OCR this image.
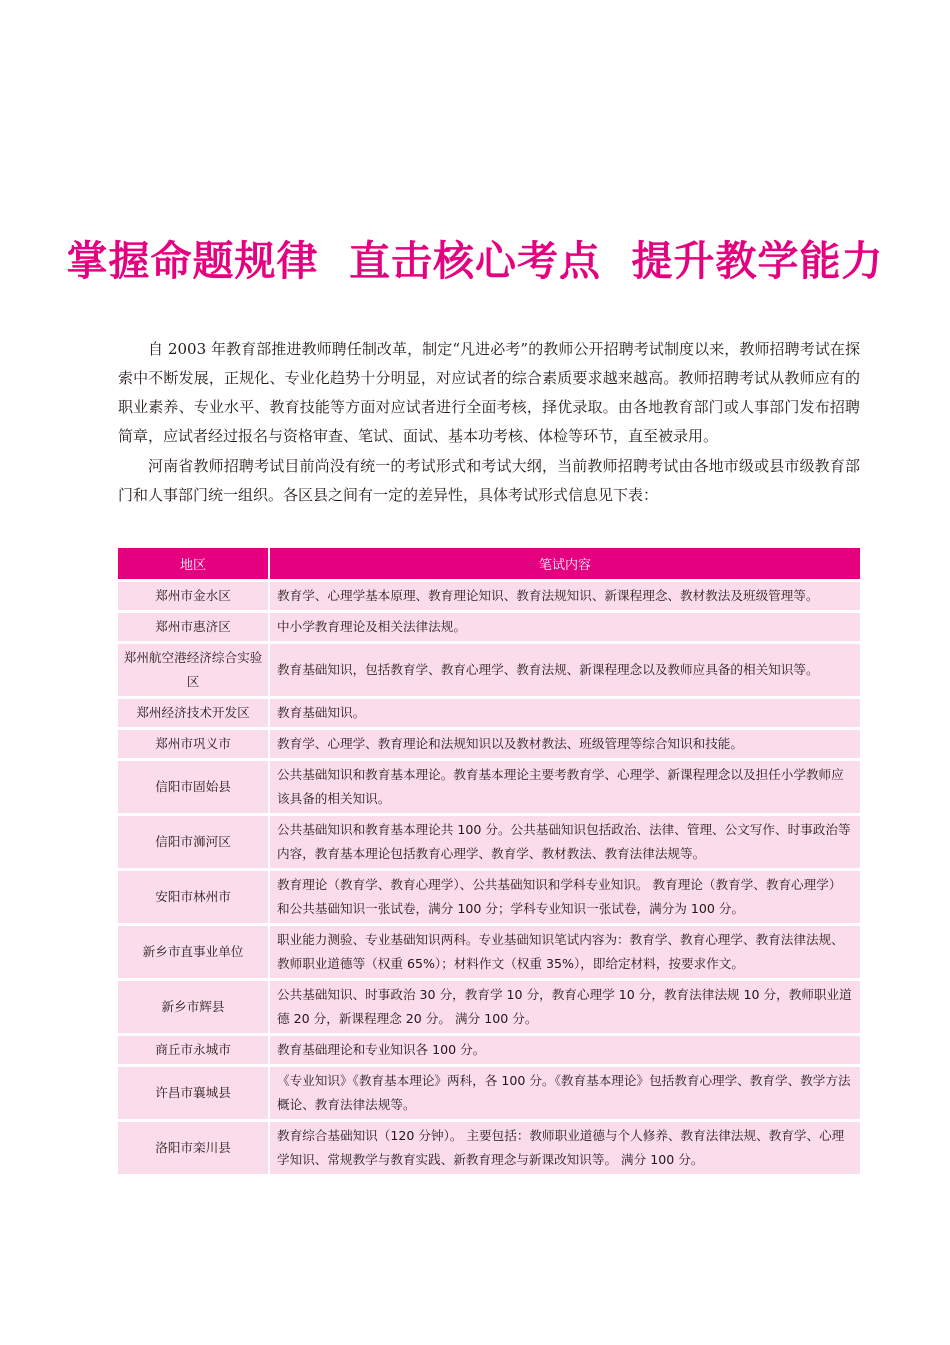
掌握命题规律  直击核心考点  提升教学能力

自 2003 年教育部推进教师聘任制改革，制定“凡进必考”的教师公开招聘考试制度以来，教师招聘考试在探索中不断发展，正规化、专业化趋势十分明显，对应试者的综合素质要求越来越高。教师招聘考试从教师应有的职业素养、专业水平、教育技能等方面对应试者进行全面考核，择优录取。由各地教育部门或人事部门发布招聘简章，应试者经过报名与资格审查、笔试、面试、基本功考核、体检等环节，直至被录用。

河南省教师招聘考试目前尚没有统一的考试形式和考试大纲，当前教师招聘考试由各地市级或县市级教育部门和人事部门统一组织。各区县之间有一定的差异性，具体考试形式信息见下表：

地区	笔试内容
郑州市金水区	教育学、心理学基本原理、教育理论知识、教育法规知识、新课程理念、教材教法及班级管理等。
郑州市惠济区	中小学教育理论及相关法律法规。
郑州航空港经济综合实验区	教育基础知识，包括教育学、教育心理学、教育法规、新课程理念以及教师应具备的相关知识等。
郑州经济技术开发区	教育基础知识。
郑州市巩义市	教育学、心理学、教育理论和法规知识以及教材教法、班级管理等综合知识和技能。
信阳市固始县	公共基础知识和教育基本理论。教育基本理论主要考教育学、心理学、新课程理念以及担任小学教师应该具备的相关知识。
信阳市浉河区	公共基础知识和教育基本理论共 100 分。公共基础知识包括政治、法律、管理、公文写作、时事政治等内容，教育基本理论包括教育心理学、教育学、教材教法、教育法律法规等。
安阳市林州市	教育理论（教育学、教育心理学）、公共基础知识和学科专业知识。 教育理论（教育学、教育心理学）和公共基础知识一张试卷，满分 100 分；学科专业知识一张试卷，满分为 100 分。
新乡市直事业单位	职业能力测验、专业基础知识两科。专业基础知识笔试内容为：教育学、教育心理学、教育法律法规、教师职业道德等（权重 65%）；材料作文（权重 35%），即给定材料，按要求作文。
新乡市辉县	公共基础知识、时事政治 30 分，教育学 10 分，教育心理学 10 分，教育法律法规 10 分，教师职业道德 20 分，新课程理念 20 分。 满分 100 分。
商丘市永城市	教育基础理论和专业知识各 100 分。
许昌市襄城县	《专业知识》《教育基本理论》两科，各 100 分。《教育基本理论》包括教育心理学、教育学、教学方法概论、教育法律法规等。
洛阳市栾川县	教育综合基础知识（120 分钟）。 主要包括：教师职业道德与个人修养、教育法律法规、教育学、心理学知识、常规教学与教育实践、新教育理念与新课改知识等。 满分 100 分。
